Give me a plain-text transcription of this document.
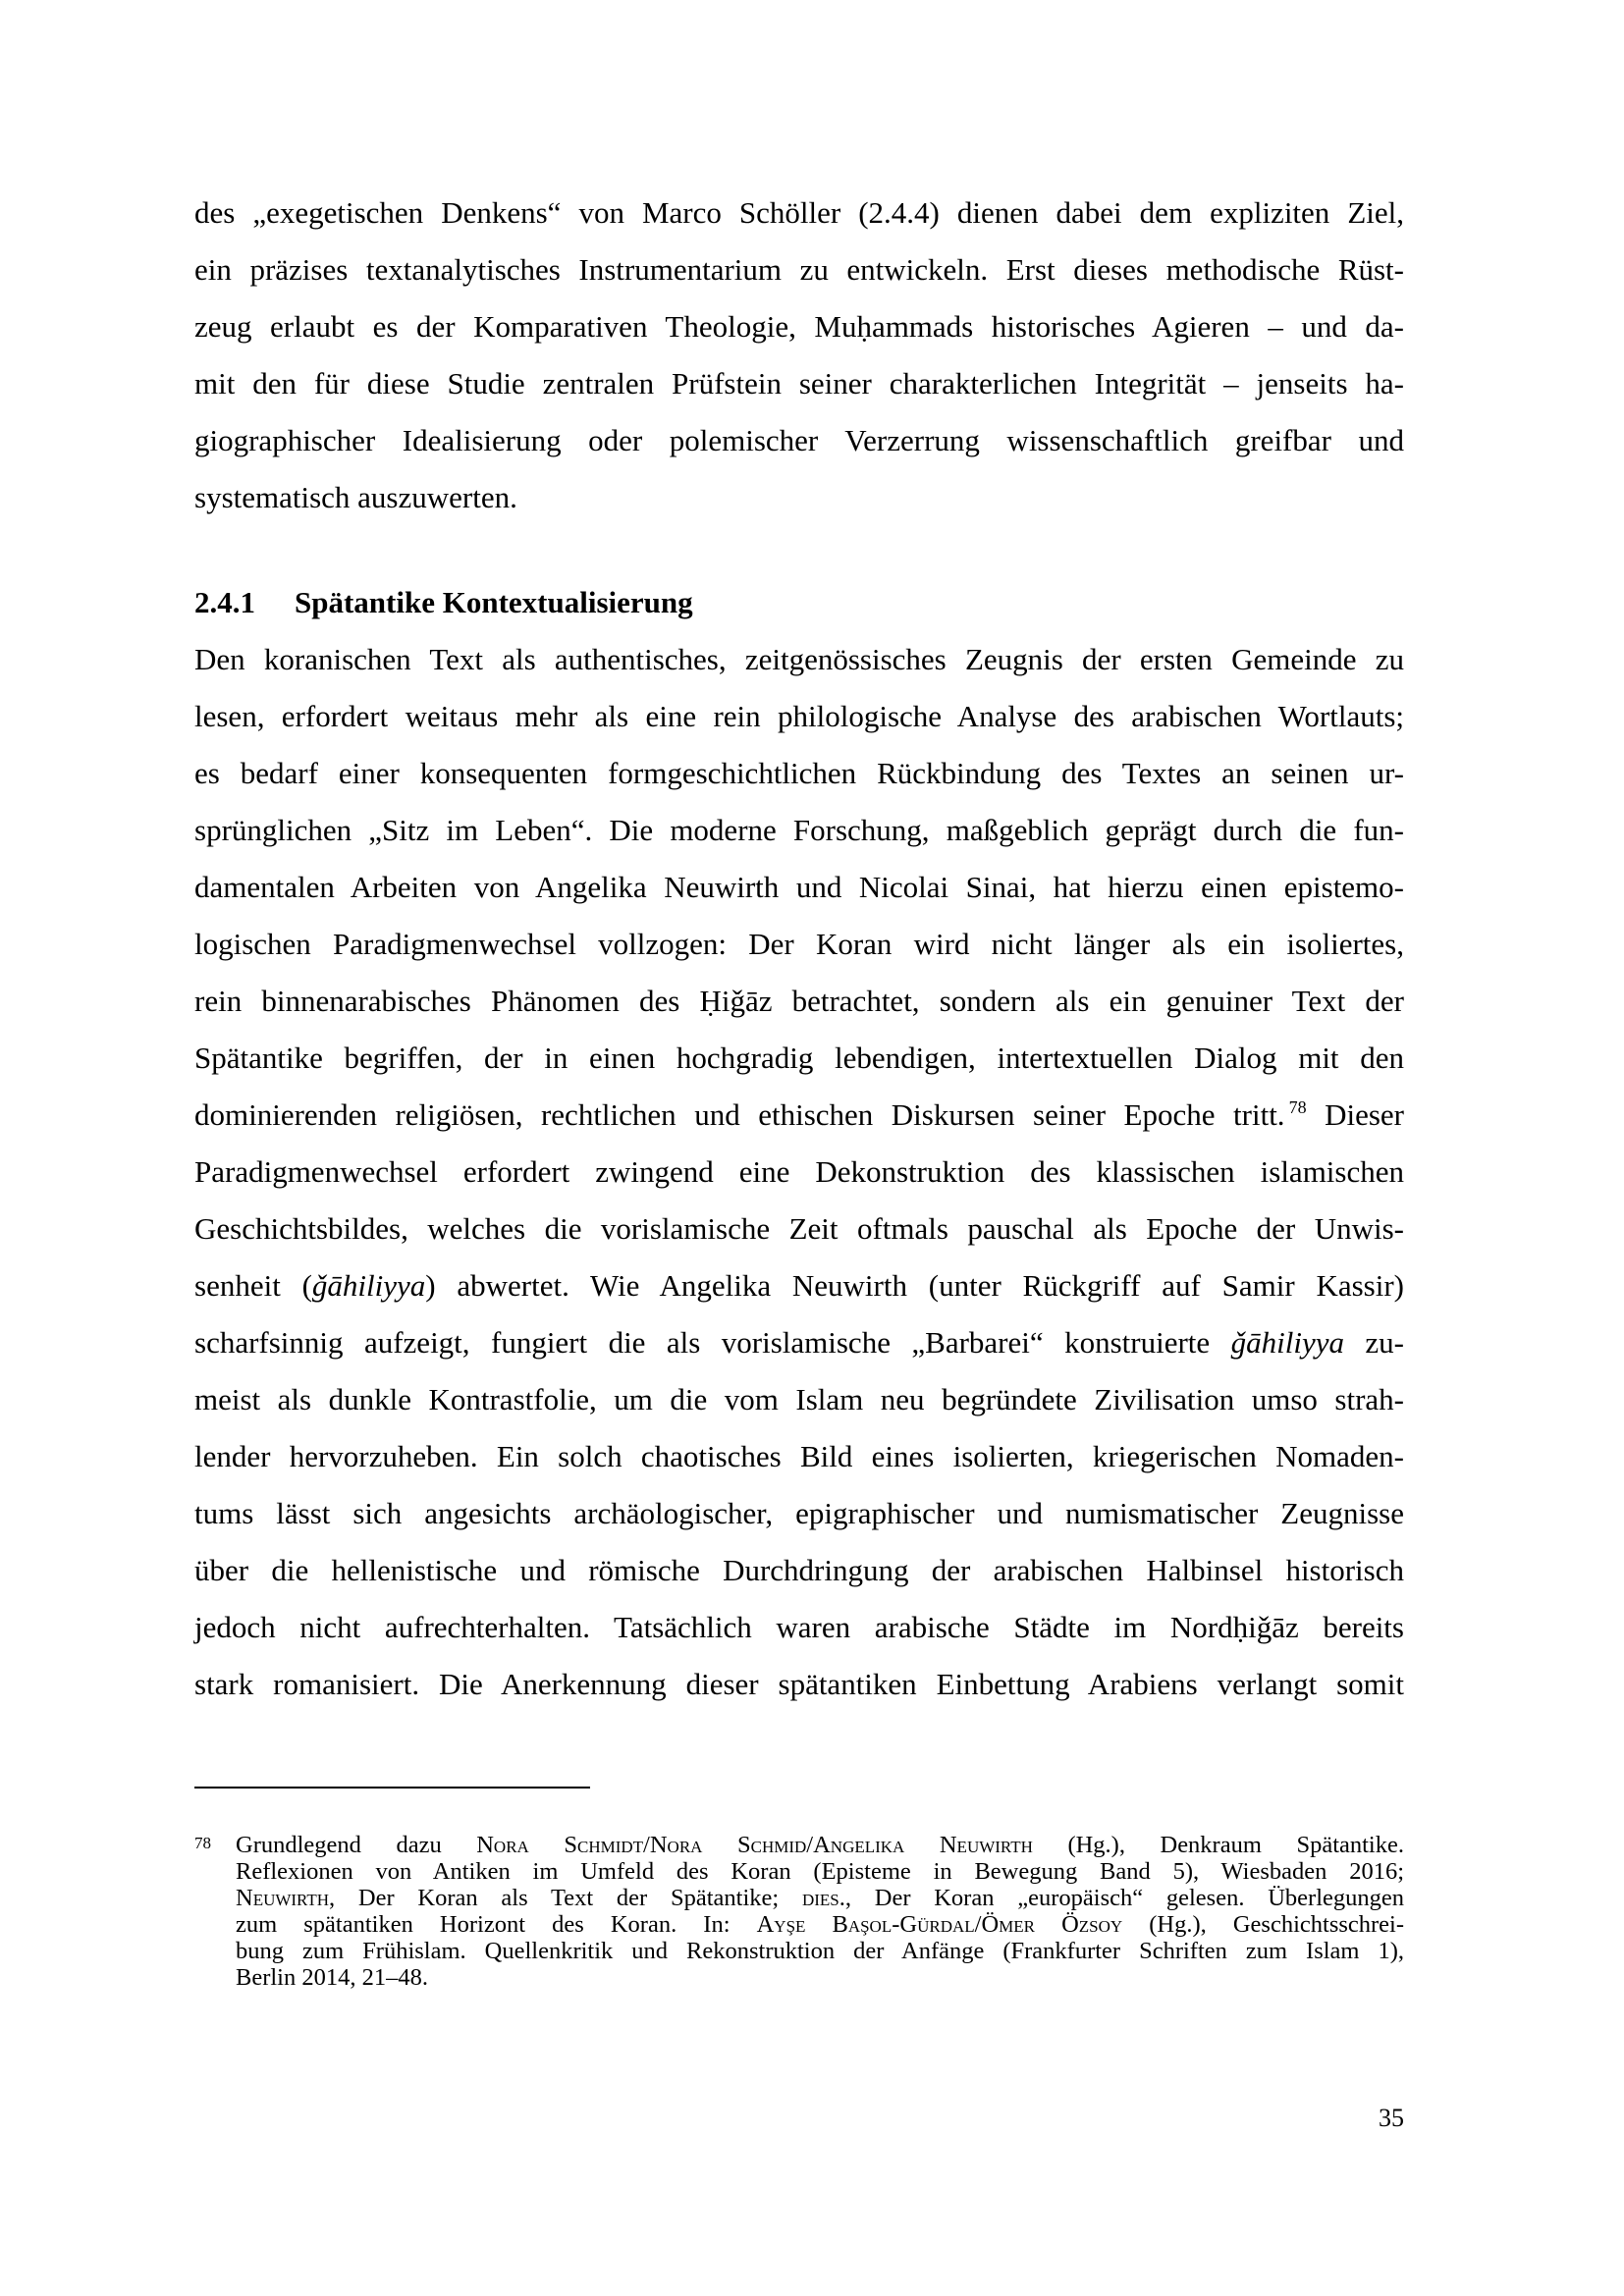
des „exegetischen Denkens“ von Marco Schöller (2.4.4) dienen dabei dem expliziten Ziel,
ein präzises textanalytisches Instrumentarium zu entwickeln. Erst dieses methodische Rüst-
zeug erlaubt es der Komparativen Theologie, Muḥammads historisches Agieren – und da-
mit den für diese Studie zentralen Prüfstein seiner charakterlichen Integrität – jenseits ha-
giographischer Idealisierung oder polemischer Verzerrung wissenschaftlich greifbar und
systematisch auszuwerten.
2.4.1 Spätantike Kontextualisierung
Den koranischen Text als authentisches, zeitgenössisches Zeugnis der ersten Gemeinde zu
lesen, erfordert weitaus mehr als eine rein philologische Analyse des arabischen Wortlauts;
es bedarf einer konsequenten formgeschichtlichen Rückbindung des Textes an seinen ur-
sprünglichen „Sitz im Leben“. Die moderne Forschung, maßgeblich geprägt durch die fun-
damentalen Arbeiten von Angelika Neuwirth und Nicolai Sinai, hat hierzu einen epistemo-
logischen Paradigmenwechsel vollzogen: Der Koran wird nicht länger als ein isoliertes,
rein binnenarabisches Phänomen des Ḥiǧāz betrachtet, sondern als ein genuiner Text der
Spätantike begriffen, der in einen hochgradig lebendigen, intertextuellen Dialog mit den
dominierenden religiösen, rechtlichen und ethischen Diskursen seiner Epoche tritt. $^{78}$ Dieser
Paradigmenwechsel erfordert zwingend eine Dekonstruktion des klassischen islamischen
Geschichtsbildes, welches die vorislamische Zeit oftmals pauschal als Epoche der Unwis-
senheit (ǧāhiliyya) abwertet. Wie Angelika Neuwirth (unter Rückgriff auf Samir Kassir)
scharfsinnig aufzeigt, fungiert die als vorislamische „Barbarei“ konstruierte ǧāhiliyya zu-
meist als dunkle Kontrastfolie, um die vom Islam neu begründete Zivilisation umso strah-
lender hervorzuheben. Ein solch chaotisches Bild eines isolierten, kriegerischen Nomaden-
tums lässt sich angesichts archäologischer, epigraphischer und numismatischer Zeugnisse
über die hellenistische und römische Durchdringung der arabischen Halbinsel historisch
jedoch nicht aufrechterhalten. Tatsächlich waren arabische Städte im Nordḥiǧāz bereits
stark romanisiert. Die Anerkennung dieser spätantiken Einbettung Arabiens verlangt somit
78 Grundlegend dazu Nora Schmidt/Nora Schmid/Angelika Neuwirth (Hg.), Denkraum Spätantike.
Reflexionen von Antiken im Umfeld des Koran (Episteme in Bewegung Band 5), Wiesbaden 2016;
Neuwirth, Der Koran als Text der Spätantike; dies., Der Koran „europäisch“ gelesen. Überlegungen
zum spätantiken Horizont des Koran. In: Ayşe Başol-Gürdal/Ömer Özsoy (Hg.), Geschichtsschrei-
bung zum Frühislam. Quellenkritik und Rekonstruktion der Anfänge (Frankfurter Schriften zum Islam 1),
Berlin 2014, 21–48.
35
